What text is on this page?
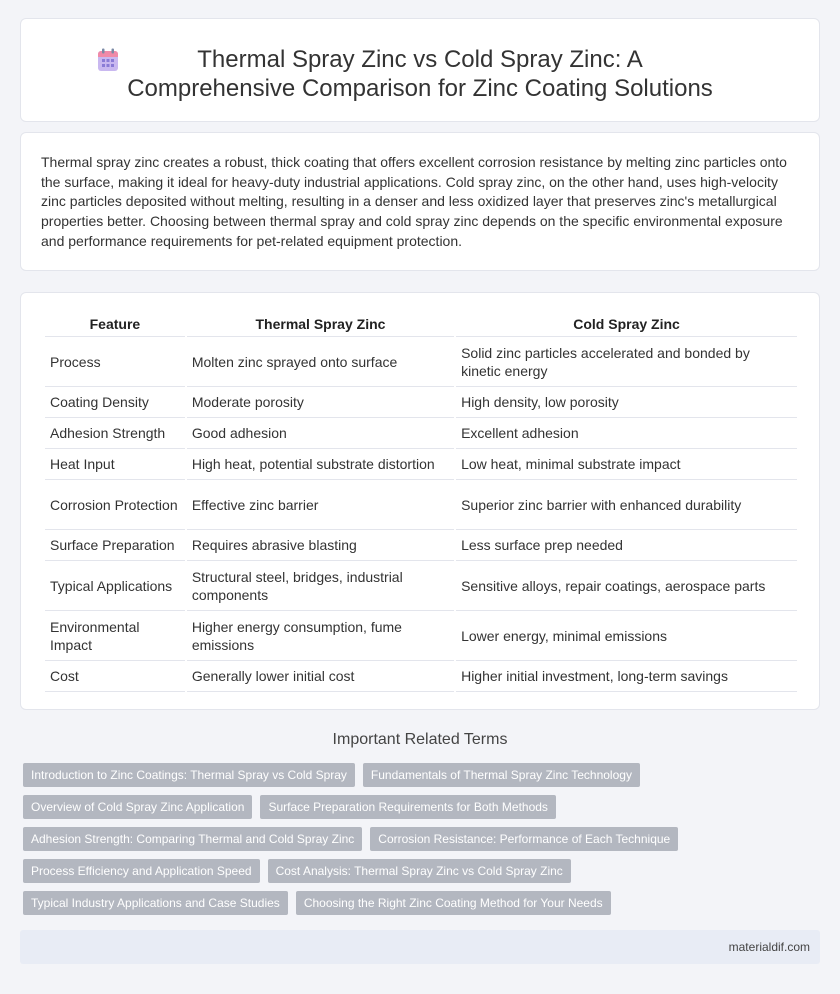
Thermal Spray Zinc vs Cold Spray Zinc: A Comprehensive Comparison for Zinc Coating Solutions

Thermal spray zinc creates a robust, thick coating that offers excellent corrosion resistance by melting zinc particles onto the surface, making it ideal for heavy-duty industrial applications. Cold spray zinc, on the other hand, uses high-velocity zinc particles deposited without melting, resulting in a denser and less oxidized layer that preserves zinc's metallurgical properties better. Choosing between thermal spray and cold spray zinc depends on the specific environmental exposure and performance requirements for pet-related equipment protection.

Feature	Thermal Spray Zinc	Cold Spray Zinc
Process	Molten zinc sprayed onto surface	Solid zinc particles accelerated and bonded by kinetic energy
Coating Density	Moderate porosity	High density, low porosity
Adhesion Strength	Good adhesion	Excellent adhesion
Heat Input	High heat, potential substrate distortion	Low heat, minimal substrate impact
Corrosion Protection	Effective zinc barrier	Superior zinc barrier with enhanced durability
Surface Preparation	Requires abrasive blasting	Less surface prep needed
Typical Applications	Structural steel, bridges, industrial components	Sensitive alloys, repair coatings, aerospace parts
Environmental Impact	Higher energy consumption, fume emissions	Lower energy, minimal emissions
Cost	Generally lower initial cost	Higher initial investment, long-term savings
Important Related Terms
Introduction to Zinc Coatings: Thermal Spray vs Cold Spray	Fundamentals of Thermal Spray Zinc Technology
Overview of Cold Spray Zinc Application	Surface Preparation Requirements for Both Methods
Adhesion Strength: Comparing Thermal and Cold Spray Zinc	Corrosion Resistance: Performance of Each Technique
Process Efficiency and Application Speed	Cost Analysis: Thermal Spray Zinc vs Cold Spray Zinc
Typical Industry Applications and Case Studies	Choosing the Right Zinc Coating Method for Your Needs
materialdif.com
